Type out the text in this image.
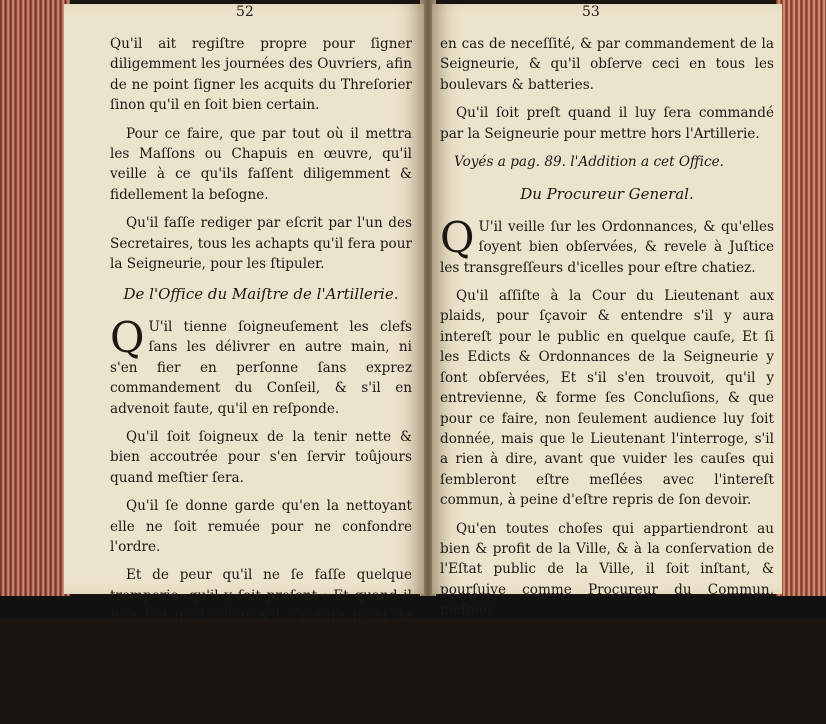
52

Qu'il ait regiſtre propre pour ſigner diligemment les journées des Ouvriers, afin de ne point ſigner les acquits du Threſorier ſinon qu'il en ſoit bien certain.

Pour ce faire, que par tout où il mettra les Maſſons ou Chapuis en œuvre, qu'il veille à ce qu'ils faſſent diligemment & fidellement la beſogne.

Qu'il faſſe rediger par eſcrit par l'un des Secretaires, tous les achapts qu'il fera pour la Seigneurie, pour les ſtipuler.

De l'Office du Maiſtre de l'Artillerie.

Q U'il tienne ſoigneuſement les clefs ſans les délivrer en autre main, ni s'en fier en perſonne ſans exprez commandement du Conſeil, & s'il en advenoit faute, qu'il en reſponde.

Qu'il ſoit ſoigneux de la tenir nette & bien accoutrée pour s'en ſervir toûjours quand meſtier ſera.

Qu'il ſe donne garde qu'en la nettoyant elle ne ſoit remuée pour ne confondre l'ordre.

Et de peur qu'il ne ſe faſſe quelque tromperie, qu'il y ſoit preſent ; Et quand il ſera fait qu'il adviſe s'il n'y aura point de mal.

Qu'il ne charge ni décharge nulle piéce, ſinon

en

53

en cas de neceſſité, & par commandement de la Seigneurie, & qu'il obſerve ceci en tous les boulevars & batteries.

Qu'il ſoit preſt quand il luy ſera commandé par la Seigneurie pour mettre hors l'Artillerie.

Voyés a pag. 89. l'Addition a cet Office.
Du Procureur General.

Q U'il veille ſur les Ordonnances, & qu'elles ſoyent bien obſervées, & revele à Juſtice les transgreſſeurs d'icelles pour eſtre chatiez.

Qu'il aſſiſte à la Cour du Lieutenant aux plaids, pour ſçavoir & entendre s'il y aura intereſt pour le public en quelque cauſe, Et ſi les Edicts & Ordonnances de la Seigneurie y ſont obſervées, Et s'il s'en trouvoit, qu'il y entrevienne, & forme ſes Concluſions, & que pour ce faire, non ſeulement audience luy ſoit donnée, mais que le Lieutenant l'interroge, s'il a rien à dire, avant que vuider les cauſes qui ſembleront eſtre meſlées avec l'intereſt commun, à peine d'eſtre repris de ſon devoir.

Qu'en toutes choſes qui appartiendront au bien & profit de la Ville, & à la conſervation de l'Eſtat public de la Ville, il ſoit inſtant, & pourſuive comme Procureur du Commun, meſmes

aux
